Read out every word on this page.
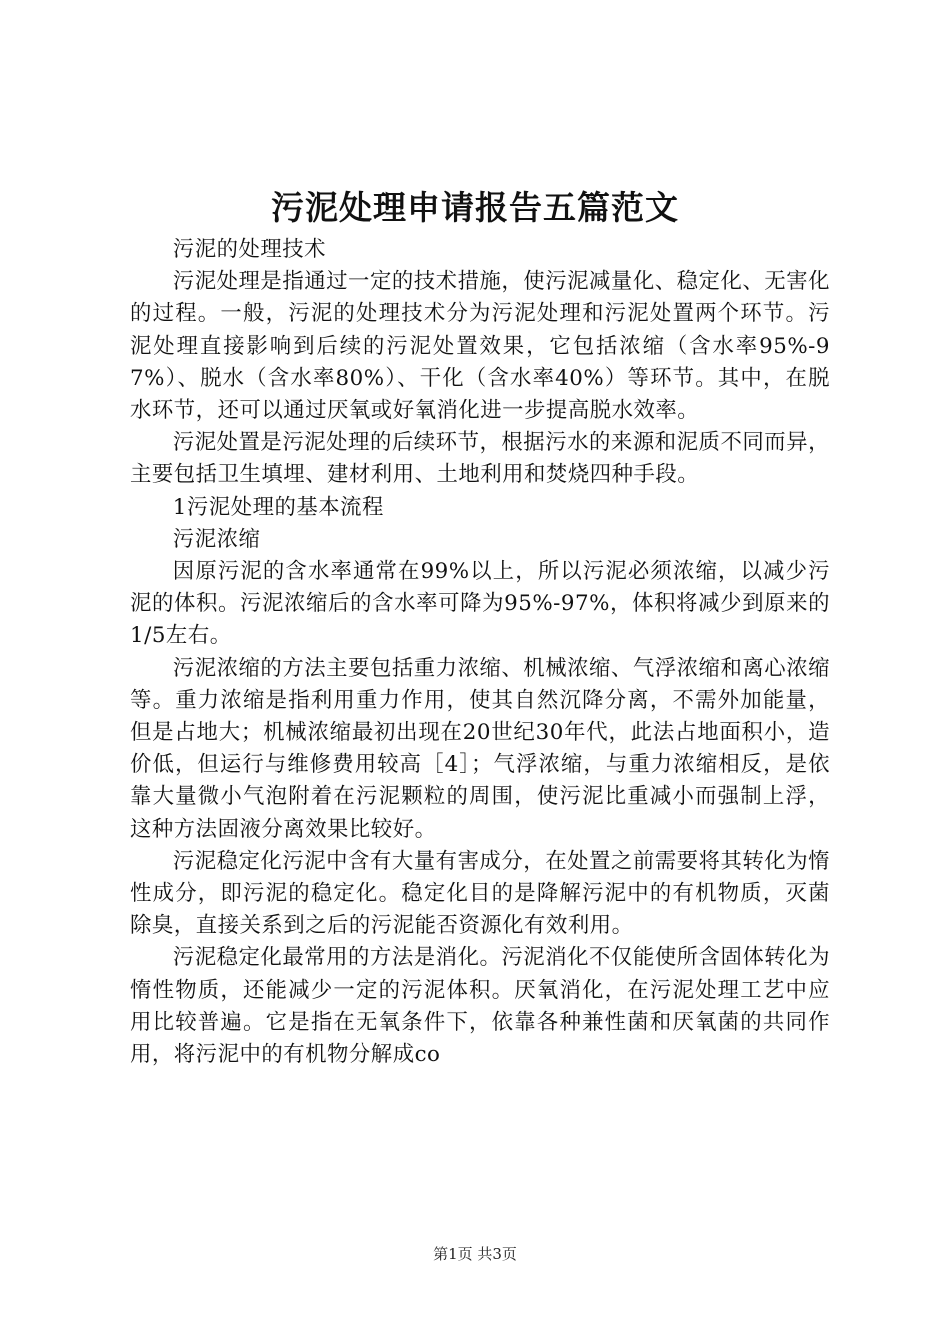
污泥处理申请报告五篇范文

污泥的处理技术

污泥处理是指通过一定的技术措施，使污泥减量化、稳定化、无害化的过程。一般，污泥的处理技术分为污泥处理和污泥处置两个环节。污泥处理直接影响到后续的污泥处置效果，它包括浓缩（含水率95%-97%）、脱水（含水率80%）、干化（含水率40%）等环节。其中，在脱水环节，还可以通过厌氧或好氧消化进一步提高脱水效率。

污泥处置是污泥处理的后续环节，根据污水的来源和泥质不同而异，主要包括卫生填埋、建材利用、土地利用和焚烧四种手段。

1污泥处理的基本流程

污泥浓缩

因原污泥的含水率通常在99%以上，所以污泥必须浓缩，以减少污泥的体积。污泥浓缩后的含水率可降为95%-97%，体积将减少到原来的1/5左右。

污泥浓缩的方法主要包括重力浓缩、机械浓缩、气浮浓缩和离心浓缩等。重力浓缩是指利用重力作用，使其自然沉降分离，不需外加能量，但是占地大；机械浓缩最初出现在20世纪30年代，此法占地面积小，造价低，但运行与维修费用较高［4］；气浮浓缩，与重力浓缩相反，是依靠大量微小气泡附着在污泥颗粒的周围，使污泥比重减小而强制上浮，这种方法固液分离效果比较好。

污泥稳定化污泥中含有大量有害成分，在处置之前需要将其转化为惰性成分，即污泥的稳定化。稳定化目的是降解污泥中的有机物质，灭菌除臭，直接关系到之后的污泥能否资源化有效利用。

污泥稳定化最常用的方法是消化。污泥消化不仅能使所含固体转化为惰性物质，还能减少一定的污泥体积。厌氧消化，在污泥处理工艺中应用比较普遍。它是指在无氧条件下，依靠各种兼性菌和厌氧菌的共同作用，将污泥中的有机物分解成co

第1页 共3页
